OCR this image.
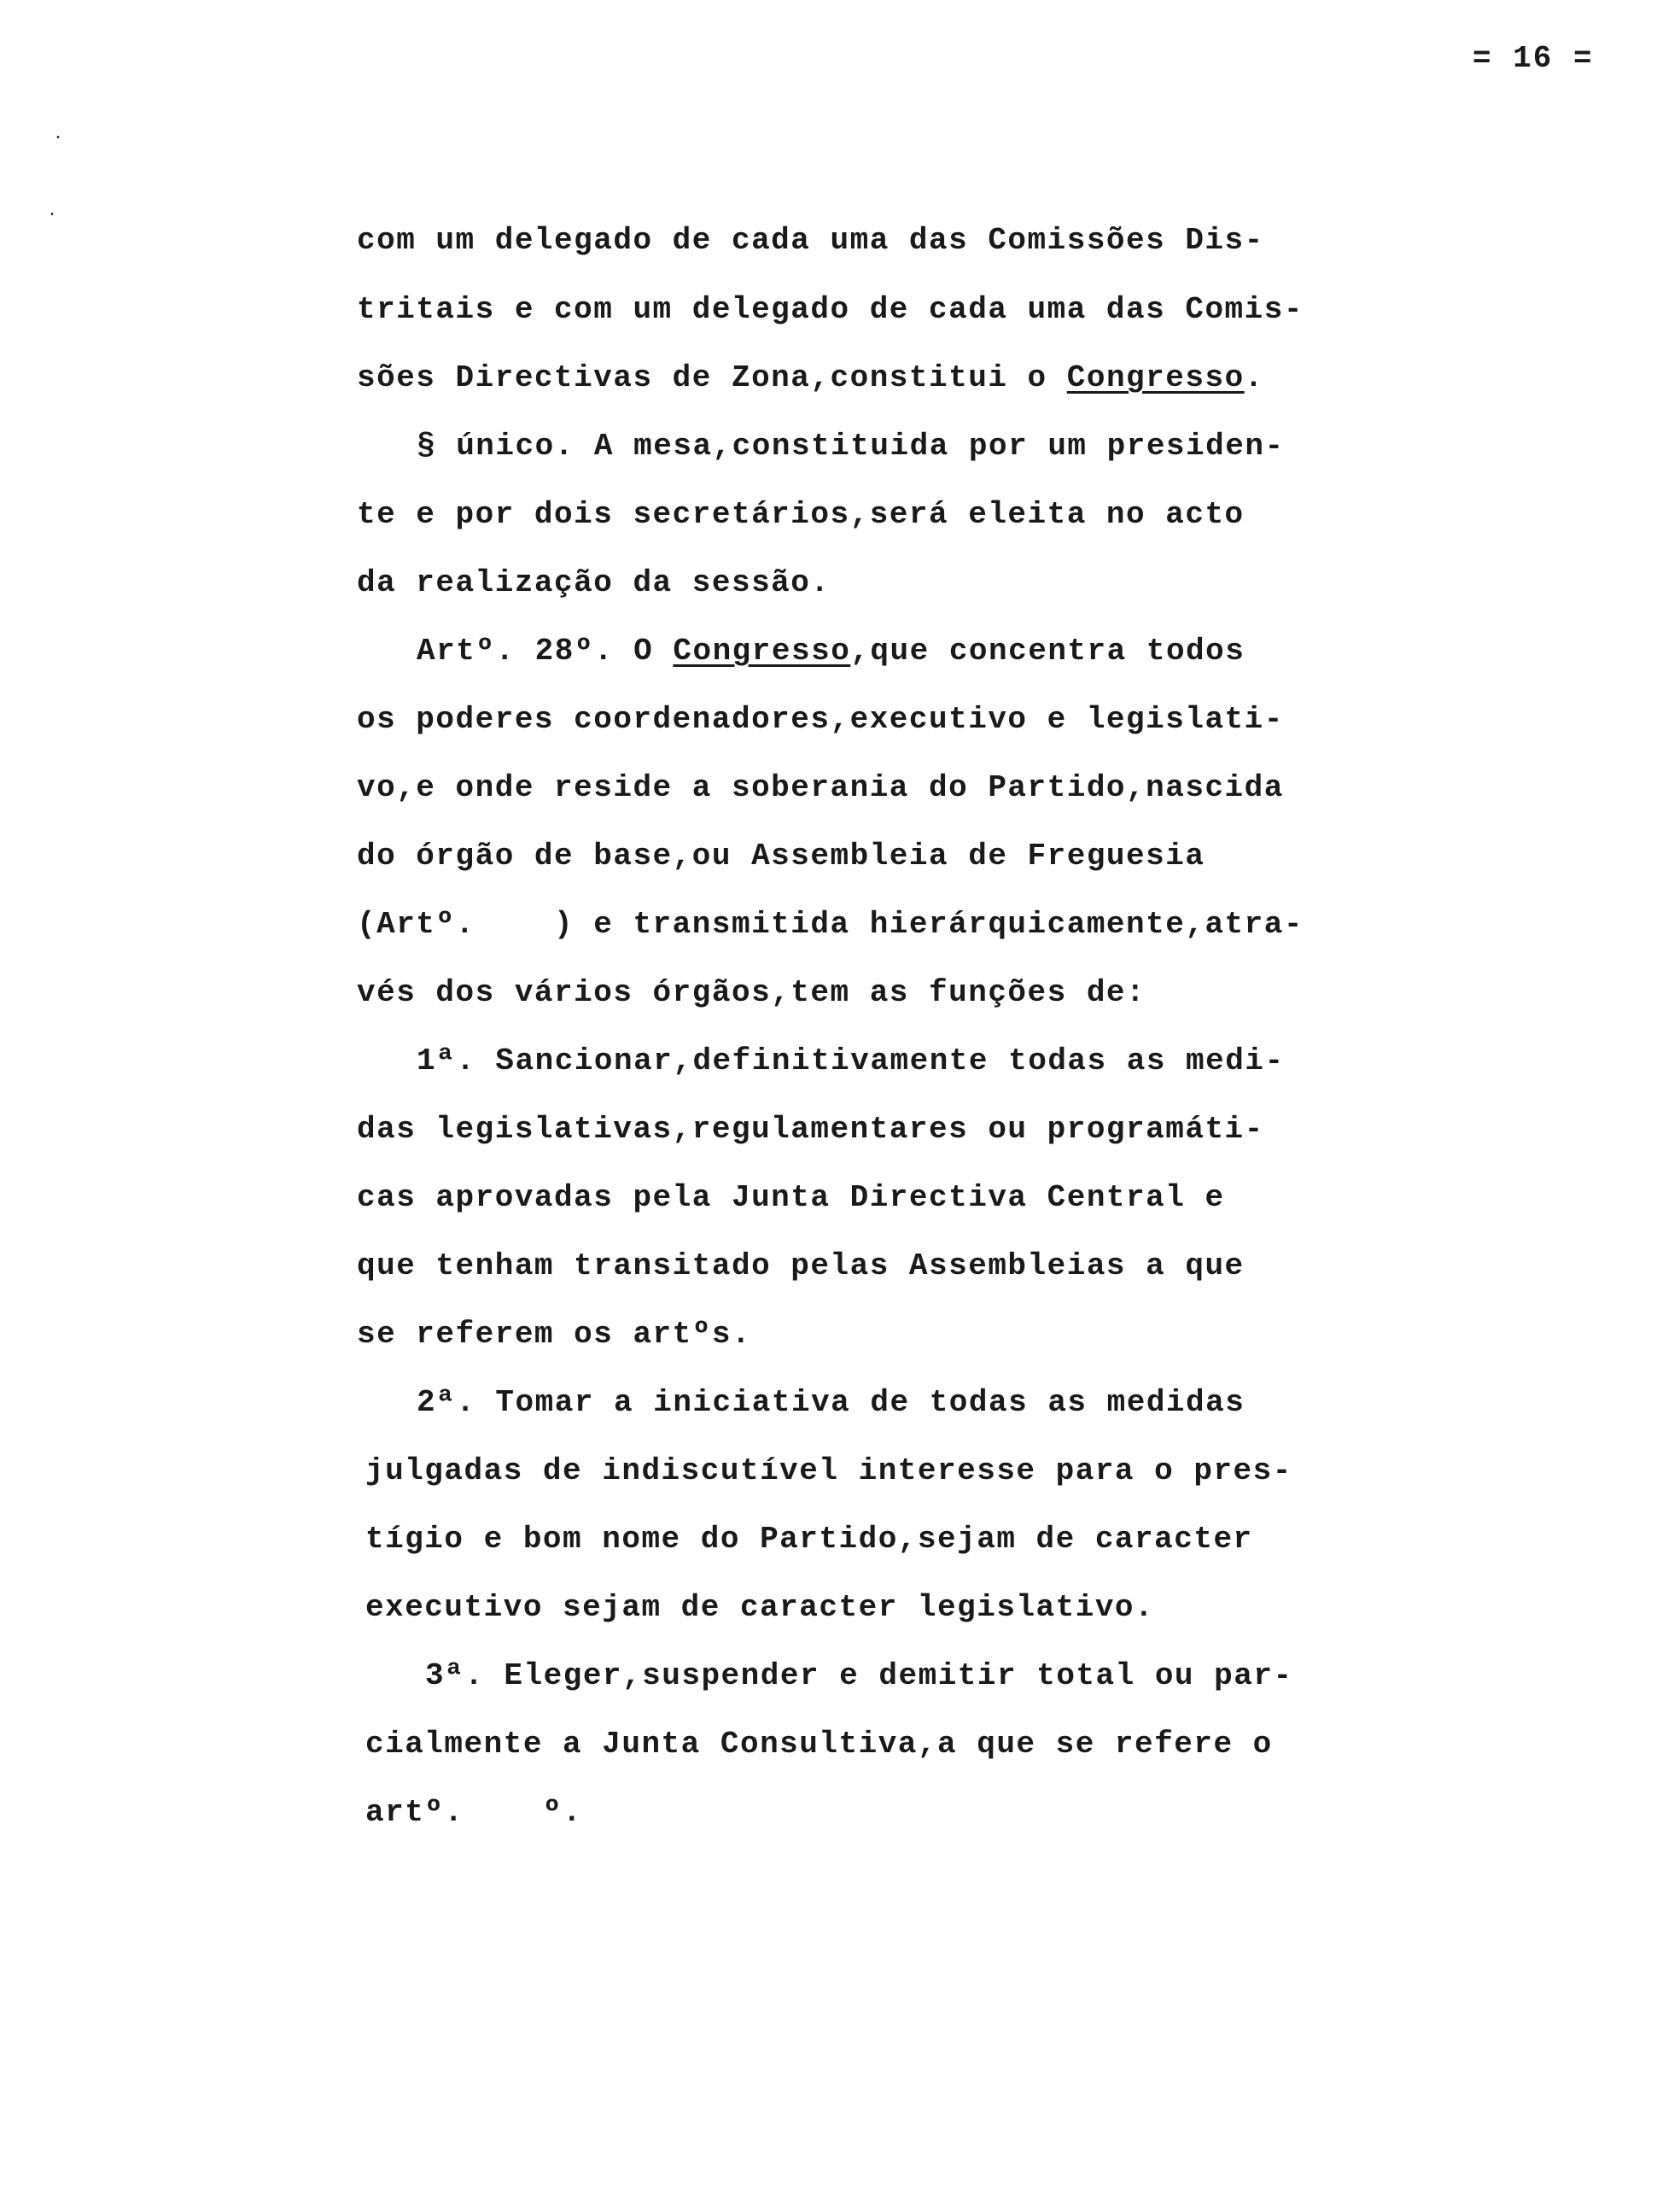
= 16 =
·
·
com um delegado de cada uma das Comissões Dis-
tritais e com um delegado de cada uma das Comis-
sões Directivas de Zona,constitui o Congresso.
§ único. A mesa,constituida por um presiden-
te e por dois secretários,será eleita no acto
da realização da sessão.
Artº. 28º. O Congresso,que concentra todos
os poderes coordenadores,executivo e legislati-
vo,e onde reside a soberania do Partido,nascida
do órgão de base,ou Assembleia de Freguesia
(Artº.    ) e transmitida hierárquicamente,atra-
vés dos vários órgãos,tem as funções de:
1ª. Sancionar,definitivamente todas as medi-
das legislativas,regulamentares ou programáti-
cas aprovadas pela Junta Directiva Central e
que tenham transitado pelas Assembleias a que
se referem os artºs.
2ª. Tomar a iniciativa de todas as medidas
julgadas de indiscutível interesse para o pres-
tígio e bom nome do Partido,sejam de caracter
executivo sejam de caracter legislativo.
3ª. Eleger,suspender e demitir total ou par-
cialmente a Junta Consultiva,a que se refere o
artº.    º.
